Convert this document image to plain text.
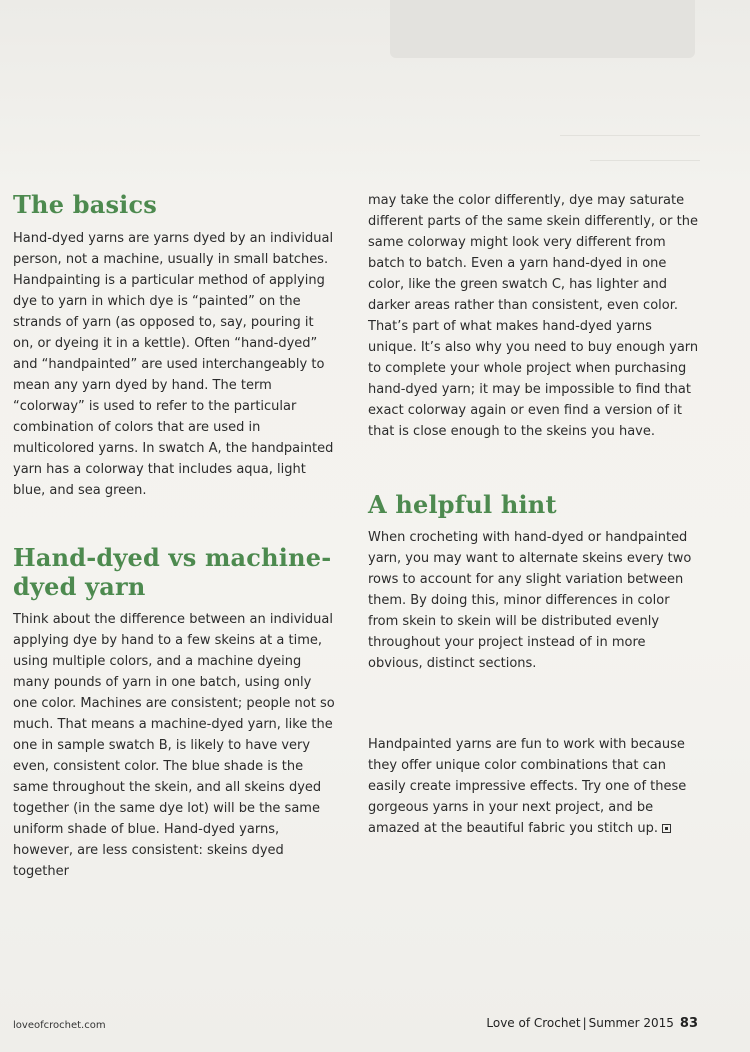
The basics

Hand-dyed yarns are yarns dyed by an individual person, not a machine, usually in small batches. Handpainting is a particular method of applying dye to yarn in which dye is “painted” on the strands of yarn (as opposed to, say, pouring it on, or dyeing it in a kettle). Often “hand-dyed” and “handpainted” are used interchangeably to mean any yarn dyed by hand. The term “colorway” is used to refer to the particular combination of colors that are used in multicolored yarns. In swatch A, the handpainted yarn has a colorway that includes aqua, light blue, and sea green.

Hand-dyed vs machine-dyed yarn

Think about the difference between an individual applying dye by hand to a few skeins at a time, using multiple colors, and a machine dyeing many pounds of yarn in one batch, using only one color. Machines are consistent; people not so much. That means a machine-dyed yarn, like the one in sample swatch B, is likely to have very even, consistent color. The blue shade is the same throughout the skein, and all skeins dyed together (in the same dye lot) will be the same uniform shade of blue. Hand-dyed yarns, however, are less consistent: skeins dyed together

may take the color differently, dye may saturate different parts of the same skein differently, or the same colorway might look very different from batch to batch. Even a yarn hand-dyed in one color, like the green swatch C, has lighter and darker areas rather than consistent, even color. That’s part of what makes hand-dyed yarns unique. It’s also why you need to buy enough yarn to complete your whole project when purchasing hand-dyed yarn; it may be impossible to find that exact colorway again or even find a version of it that is close enough to the skeins you have.

A helpful hint

When crocheting with hand-dyed or handpainted yarn, you may want to alternate skeins every two rows to account for any slight variation between them. By doing this, minor differences in color from skein to skein will be distributed evenly throughout your project instead of in more obvious, distinct sections.

Handpainted yarns are fun to work with because they offer unique color combinations that can easily create impressive effects. Try one of these gorgeous yarns in your next project, and be amazed at the beautiful fabric you stitch up.

loveofcrochet.com	Love of Crochet | Summer 2015 83
